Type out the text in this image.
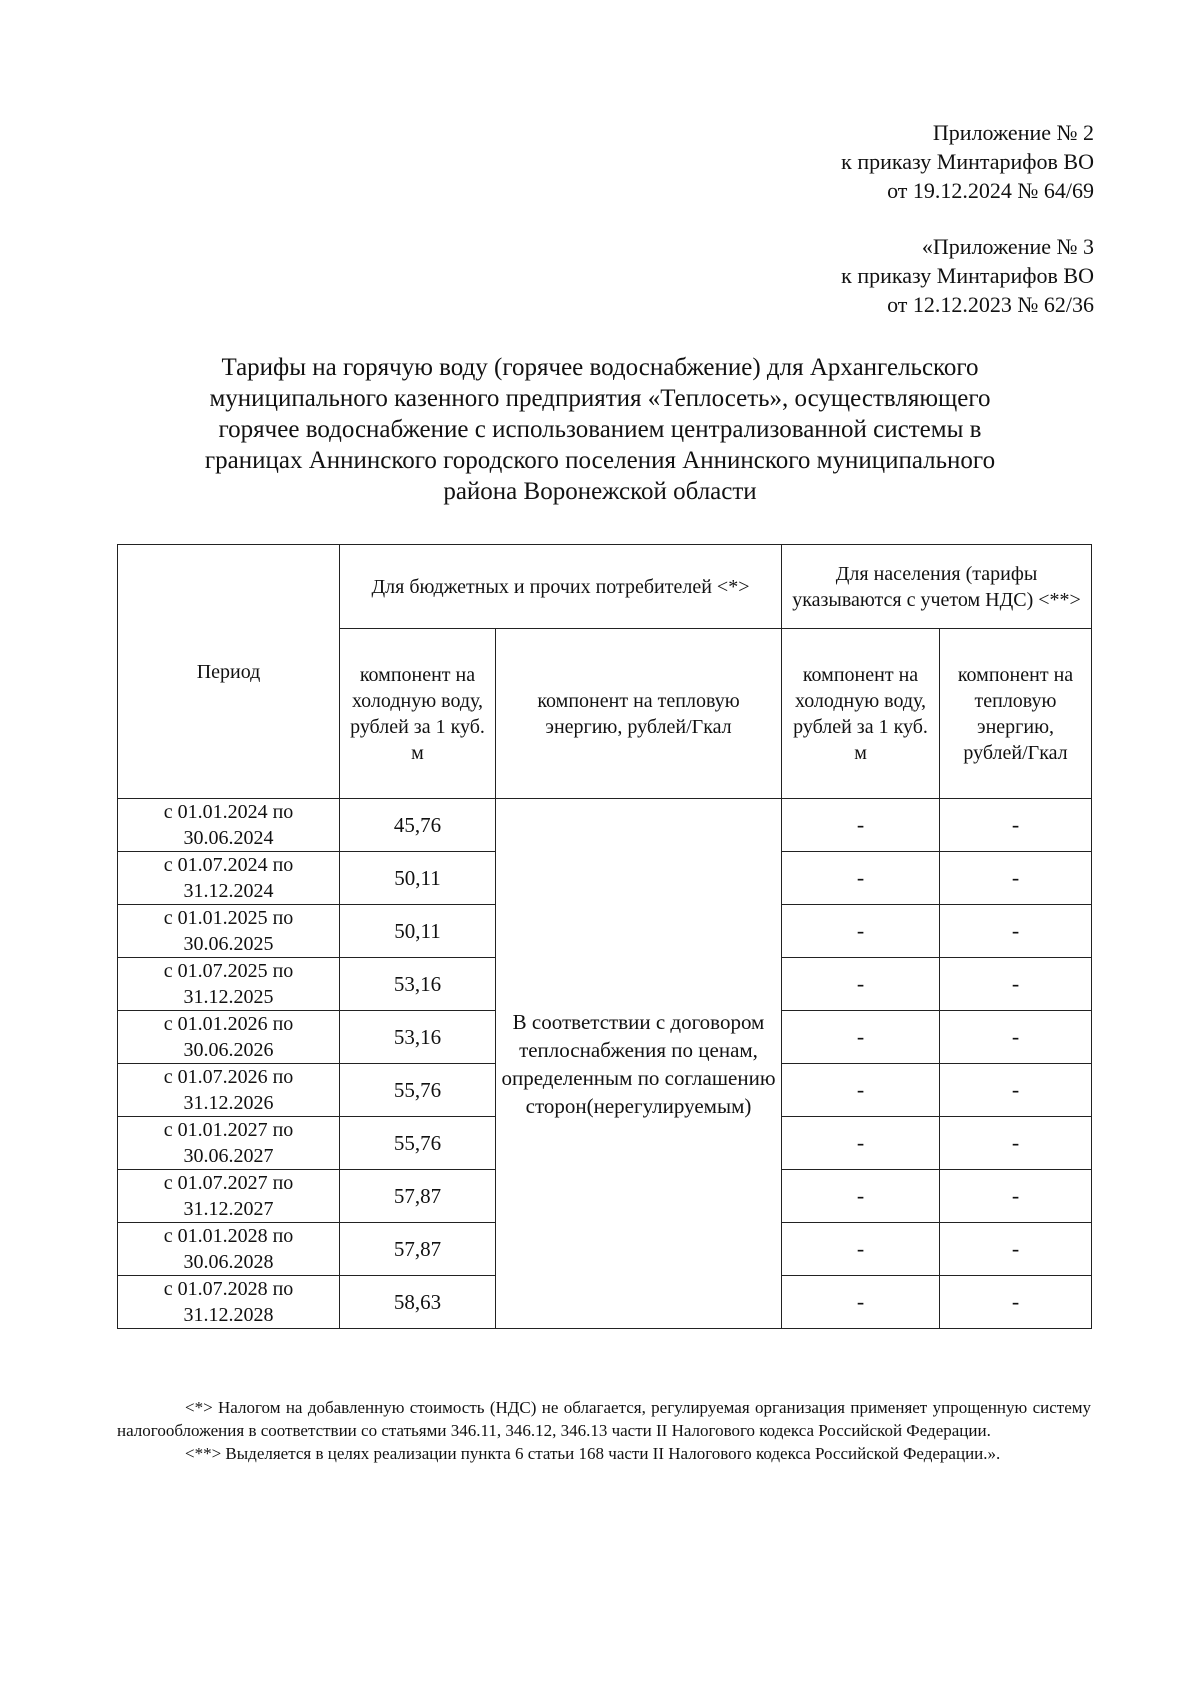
Приложение № 2
к приказу Минтарифов ВО
от 19.12.2024 № 64/69
«Приложение № 3
к приказу Минтарифов ВО
от 12.12.2023 № 62/36
Тарифы на горячую воду (горячее водоснабжение) для Архангельского
муниципального казенного предприятия «Теплосеть», осуществляющего
горячее водоснабжение с использованием централизованной системы в
границах Аннинского городского поселения Аннинского муниципального
района Воронежской области
Период	Для бюджетных и прочих потребителей <*>		Для населения (тарифы указываются с учетом НДС) <**>	
	компонент на холодную воду, рублей за 1 куб. м	компонент на тепловую энергию, рублей/Гкал	компонент на холодную воду, рублей за 1 куб. м	компонент на тепловую энергию, рублей/Гкал
с 01.01.2024 по 30.06.2024	45,76	В соответствии с договором теплоснабжения по ценам, определенным по соглашению сторон(нерегулируемым)	-	-
с 01.07.2024 по 31.12.2024	50,11		-	-
с 01.01.2025 по 30.06.2025	50,11		-	-
с 01.07.2025 по 31.12.2025	53,16		-	-
с 01.01.2026 по 30.06.2026	53,16		-	-
с 01.07.2026 по 31.12.2026	55,76		-	-
с 01.01.2027 по 30.06.2027	55,76		-	-
с 01.07.2027 по 31.12.2027	57,87		-	-
с 01.01.2028 по 30.06.2028	57,87		-	-
с 01.07.2028 по 31.12.2028	58,63		-	-

<*> Налогом на добавленную стоимость (НДС) не облагается, регулируемая организация применяет упрощенную систему налогообложения в соответствии со статьями 346.11, 346.12, 346.13 части II Налогового кодекса Российской Федерации.

<**> Выделяется в целях реализации пункта 6 статьи 168 части II Налогового кодекса Российской Федерации.».
